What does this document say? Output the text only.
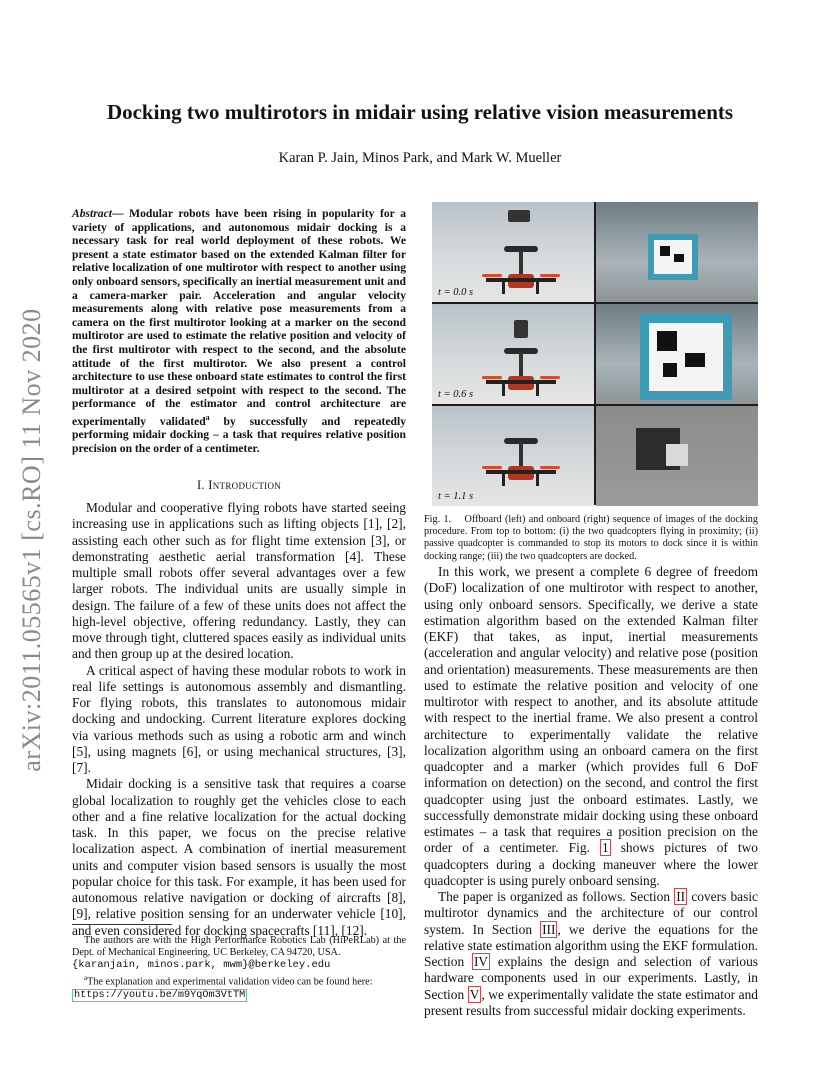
arXiv:2011.05565v1 [cs.RO] 11 Nov 2020
Docking two multirotors in midair using relative vision measurements
Karan P. Jain, Minos Park, and Mark W. Mueller
Abstract— Modular robots have been rising in popularity for a variety of applications, and autonomous midair docking is a necessary task for real world deployment of these robots. We present a state estimator based on the extended Kalman filter for relative localization of one multirotor with respect to another using only onboard sensors, specifically an inertial measurement unit and a camera-marker pair. Acceleration and angular velocity measurements along with relative pose measurements from a camera on the first multirotor looking at a marker on the second multirotor are used to estimate the relative position and velocity of the first multirotor with respect to the second, and the absolute attitude of the first multirotor. We also present a control architecture to use these onboard state estimates to control the first multirotor at a desired setpoint with respect to the second. The performance of the estimator and control architecture are experimentally validated$^a$ by successfully and repeatedly performing midair docking – a task that requires relative position precision on the order of a centimeter.
I. Introduction

Modular and cooperative flying robots have started seeing increasing use in applications such as lifting objects [1], [2], assisting each other such as for flight time extension [3], or demonstrating aesthetic aerial transformation [4]. These multiple small robots offer several advantages over a few larger robots. The individual units are usually simple in design. The failure of a few of these units does not affect the high-level objective, offering redundancy. Lastly, they can move through tight, cluttered spaces easily as individual units and then group up at the desired location.

A critical aspect of having these modular robots to work in real life settings is autonomous assembly and dismantling. For flying robots, this translates to autonomous midair docking and undocking. Current literature explores docking via various methods such as using a robotic arm and winch [5], using magnets [6], or using mechanical structures, [3], [7].

Midair docking is a sensitive task that requires a coarse global localization to roughly get the vehicles close to each other and a fine relative localization for the actual docking task. In this paper, we focus on the precise relative localization aspect. A combination of inertial measurement units and computer vision based sensors is usually the most popular choice for this task. For example, it has been used for autonomous relative navigation or docking of aircrafts [8], [9], relative position sensing for an underwater vehicle [10], and even considered for docking spacecrafts [11], [12].

The authors are with the High Performance Robotics Lab (HiPeRLab) at the Dept. of Mechanical Engineering, UC Berkeley, CA 94720, USA.

{karanjain, minos.park, mwm}@berkeley.edu

$^a$The explanation and experimental validation video can be found here:

https://youtu.be/m9YqOm3VtTM
t = 0.0 s
t = 0.6 s
t = 1.1 s
Fig. 1. Offboard (left) and onboard (right) sequence of images of the docking procedure. From top to bottom: (i) the two quadcopters flying in proximity; (ii) passive quadcopter is commanded to stop its motors to dock since it is within docking range; (iii) the two quadcopters are docked.

In this work, we present a complete 6 degree of freedom (DoF) localization of one multirotor with respect to another, using only onboard sensors. Specifically, we derive a state estimation algorithm based on the extended Kalman filter (EKF) that takes, as input, inertial measurements (acceleration and angular velocity) and relative pose (position and orientation) measurements. These measurements are then used to estimate the relative position and velocity of one multirotor with respect to another, and its absolute attitude with respect to the inertial frame. We also present a control architecture to experimentally validate the relative localization algorithm using an onboard camera on the first quadcopter and a marker (which provides full 6 DoF information on detection) on the second, and control the first quadcopter using just the onboard estimates. Lastly, we successfully demonstrate midair docking using these onboard estimates – a task that requires a position precision on the order of a centimeter. Fig. 1 shows pictures of two quadcopters during a docking maneuver where the lower quadcopter is using purely onboard sensing.

The paper is organized as follows. Section II covers basic multirotor dynamics and the architecture of our control system. In Section III , we derive the equations for the relative state estimation algorithm using the EKF formulation. Section IV explains the design and selection of various hardware components used in our experiments. Lastly, in Section V , we experimentally validate the state estimator and present results from successful midair docking experiments.
